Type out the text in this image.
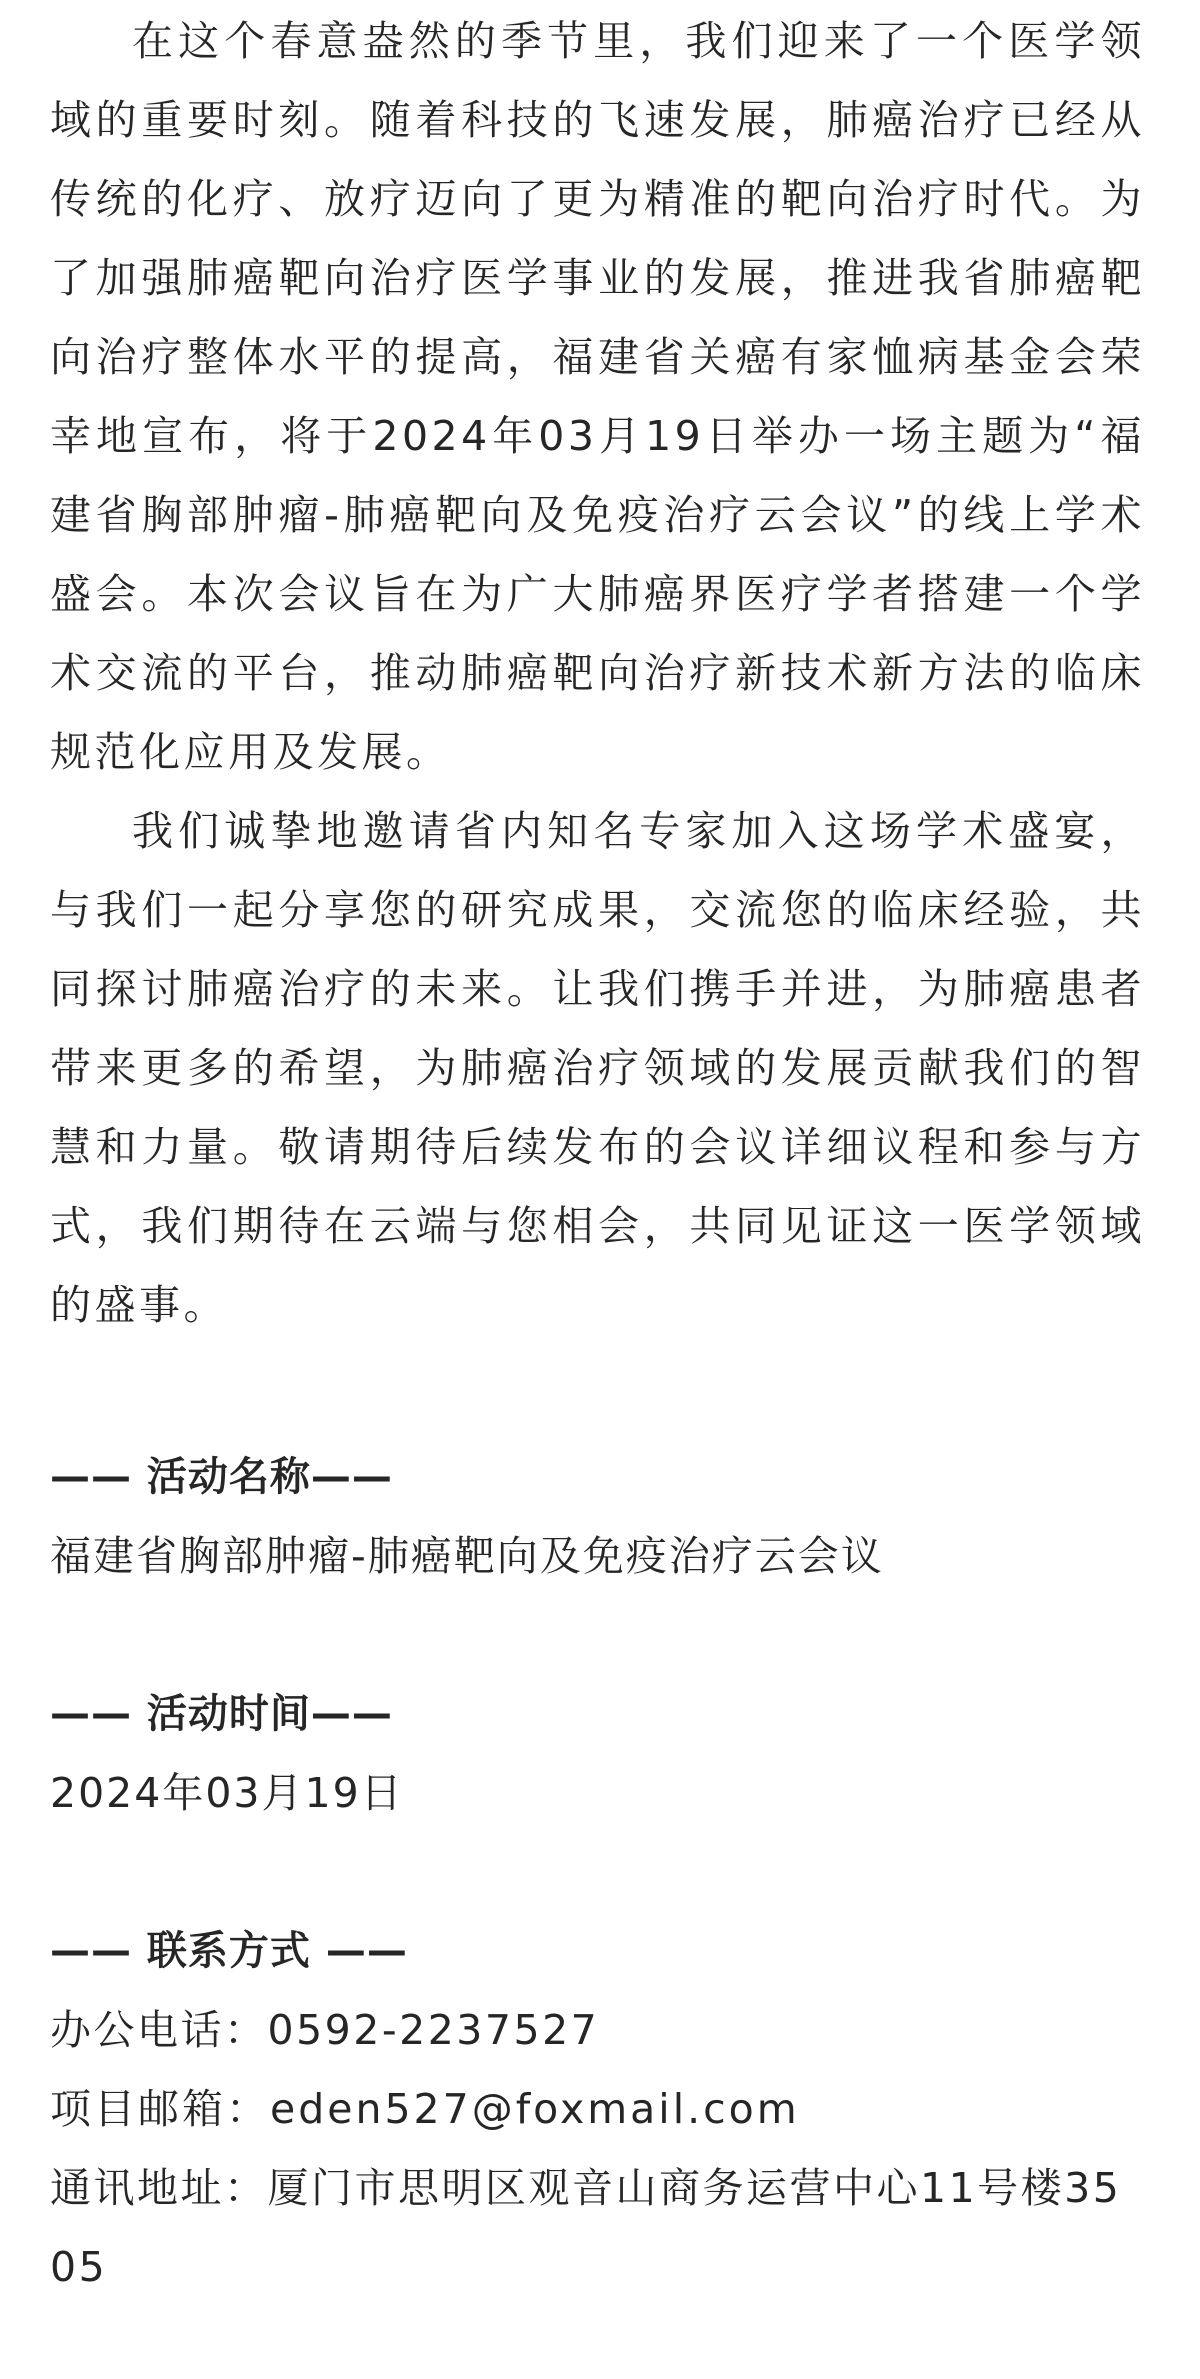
在这个春意盎然的季节里，我们迎来了一个医学领域的重要时刻。随着科技的飞速发展，肺癌治疗已经从传统的化疗、放疗迈向了更为精准的靶向治疗时代。为了加强肺癌靶向治疗医学事业的发展，推进我省肺癌靶向治疗整体水平的提高，福建省关癌有家恤病基金会荣幸地宣布，将于2024年03月19日举办一场主题为“福建省胸部肿瘤-肺癌靶向及免疫治疗云会议”的线上学术盛会。本次会议旨在为广大肺癌界医疗学者搭建一个学术交流的平台，推动肺癌靶向治疗新技术新方法的临床规范化应用及发展。

我们诚挚地邀请省内知名专家加入这场学术盛宴，与我们一起分享您的研究成果，交流您的临床经验，共同探讨肺癌治疗的未来。让我们携手并进，为肺癌患者带来更多的希望，为肺癌治疗领域的发展贡献我们的智慧和力量。敬请期待后续发布的会议详细议程和参与方式，我们期待在云端与您相会，共同见证这一医学领域的盛事。

—— 活动名称——
福建省胸部肿瘤-肺癌靶向及免疫治疗云会议
—— 活动时间——
2024年03月19日
—— 联系方式 ——
办公电话：0592-2237527
项目邮箱：eden527@foxmail.com
通讯地址：厦门市思明区观音山商务运营中心11号楼3505
